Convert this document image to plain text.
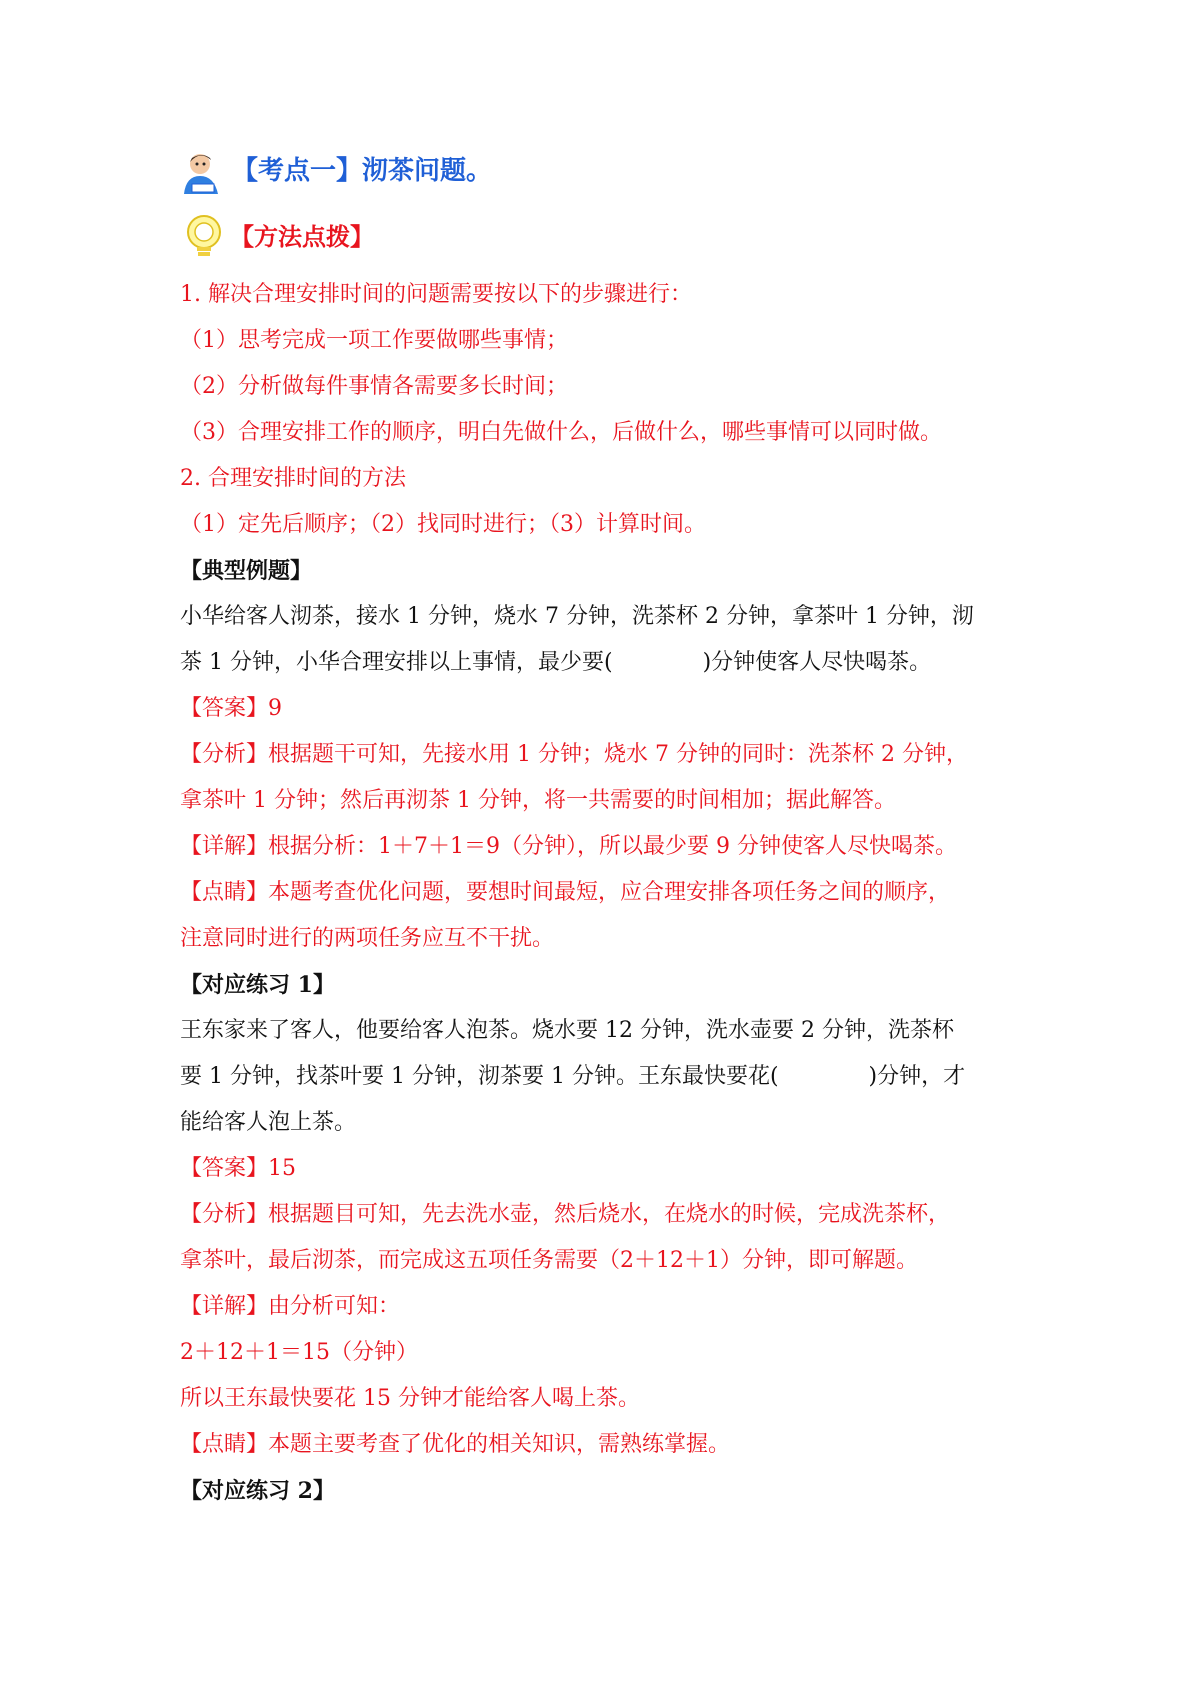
【考点一】沏茶问题。
【方法点拨】
1. 解决合理安排时间的问题需要按以下的步骤进行：
（1）思考完成一项工作要做哪些事情；
（2）分析做每件事情各需要多长时间；
（3）合理安排工作的顺序，明白先做什么，后做什么，哪些事情可以同时做。
2. 合理安排时间的方法
（1）定先后顺序；（2）找同时进行；（3）计算时间。
【典型例题】
小华给客人沏茶，接水 1 分钟，烧水 7 分钟，洗茶杯 2 分钟，拿茶叶 1 分钟，沏
茶 1 分钟，小华合理安排以上事情，最少要(	)分钟使客人尽快喝茶。
【答案】9
【分析】根据题干可知，先接水用 1 分钟；烧水 7 分钟的同时：洗茶杯 2 分钟，
拿茶叶 1 分钟；然后再沏茶 1 分钟，将一共需要的时间相加；据此解答。
【详解】根据分析：1＋7＋1＝9（分钟），所以最少要 9 分钟使客人尽快喝茶。
【点睛】本题考查优化问题，要想时间最短，应合理安排各项任务之间的顺序，
注意同时进行的两项任务应互不干扰。
【对应练习 1】
王东家来了客人，他要给客人泡茶。烧水要 12 分钟，洗水壶要 2 分钟，洗茶杯
要 1 分钟，找茶叶要 1 分钟，沏茶要 1 分钟。王东最快要花(	)分钟，才
能给客人泡上茶。
【答案】15
【分析】根据题目可知，先去洗水壶，然后烧水，在烧水的时候，完成洗茶杯，
拿茶叶，最后沏茶，而完成这五项任务需要（2＋12＋1）分钟，即可解题。
【详解】由分析可知：
2＋12＋1＝15（分钟）
所以王东最快要花 15 分钟才能给客人喝上茶。
【点睛】本题主要考查了优化的相关知识，需熟练掌握。
【对应练习 2】
